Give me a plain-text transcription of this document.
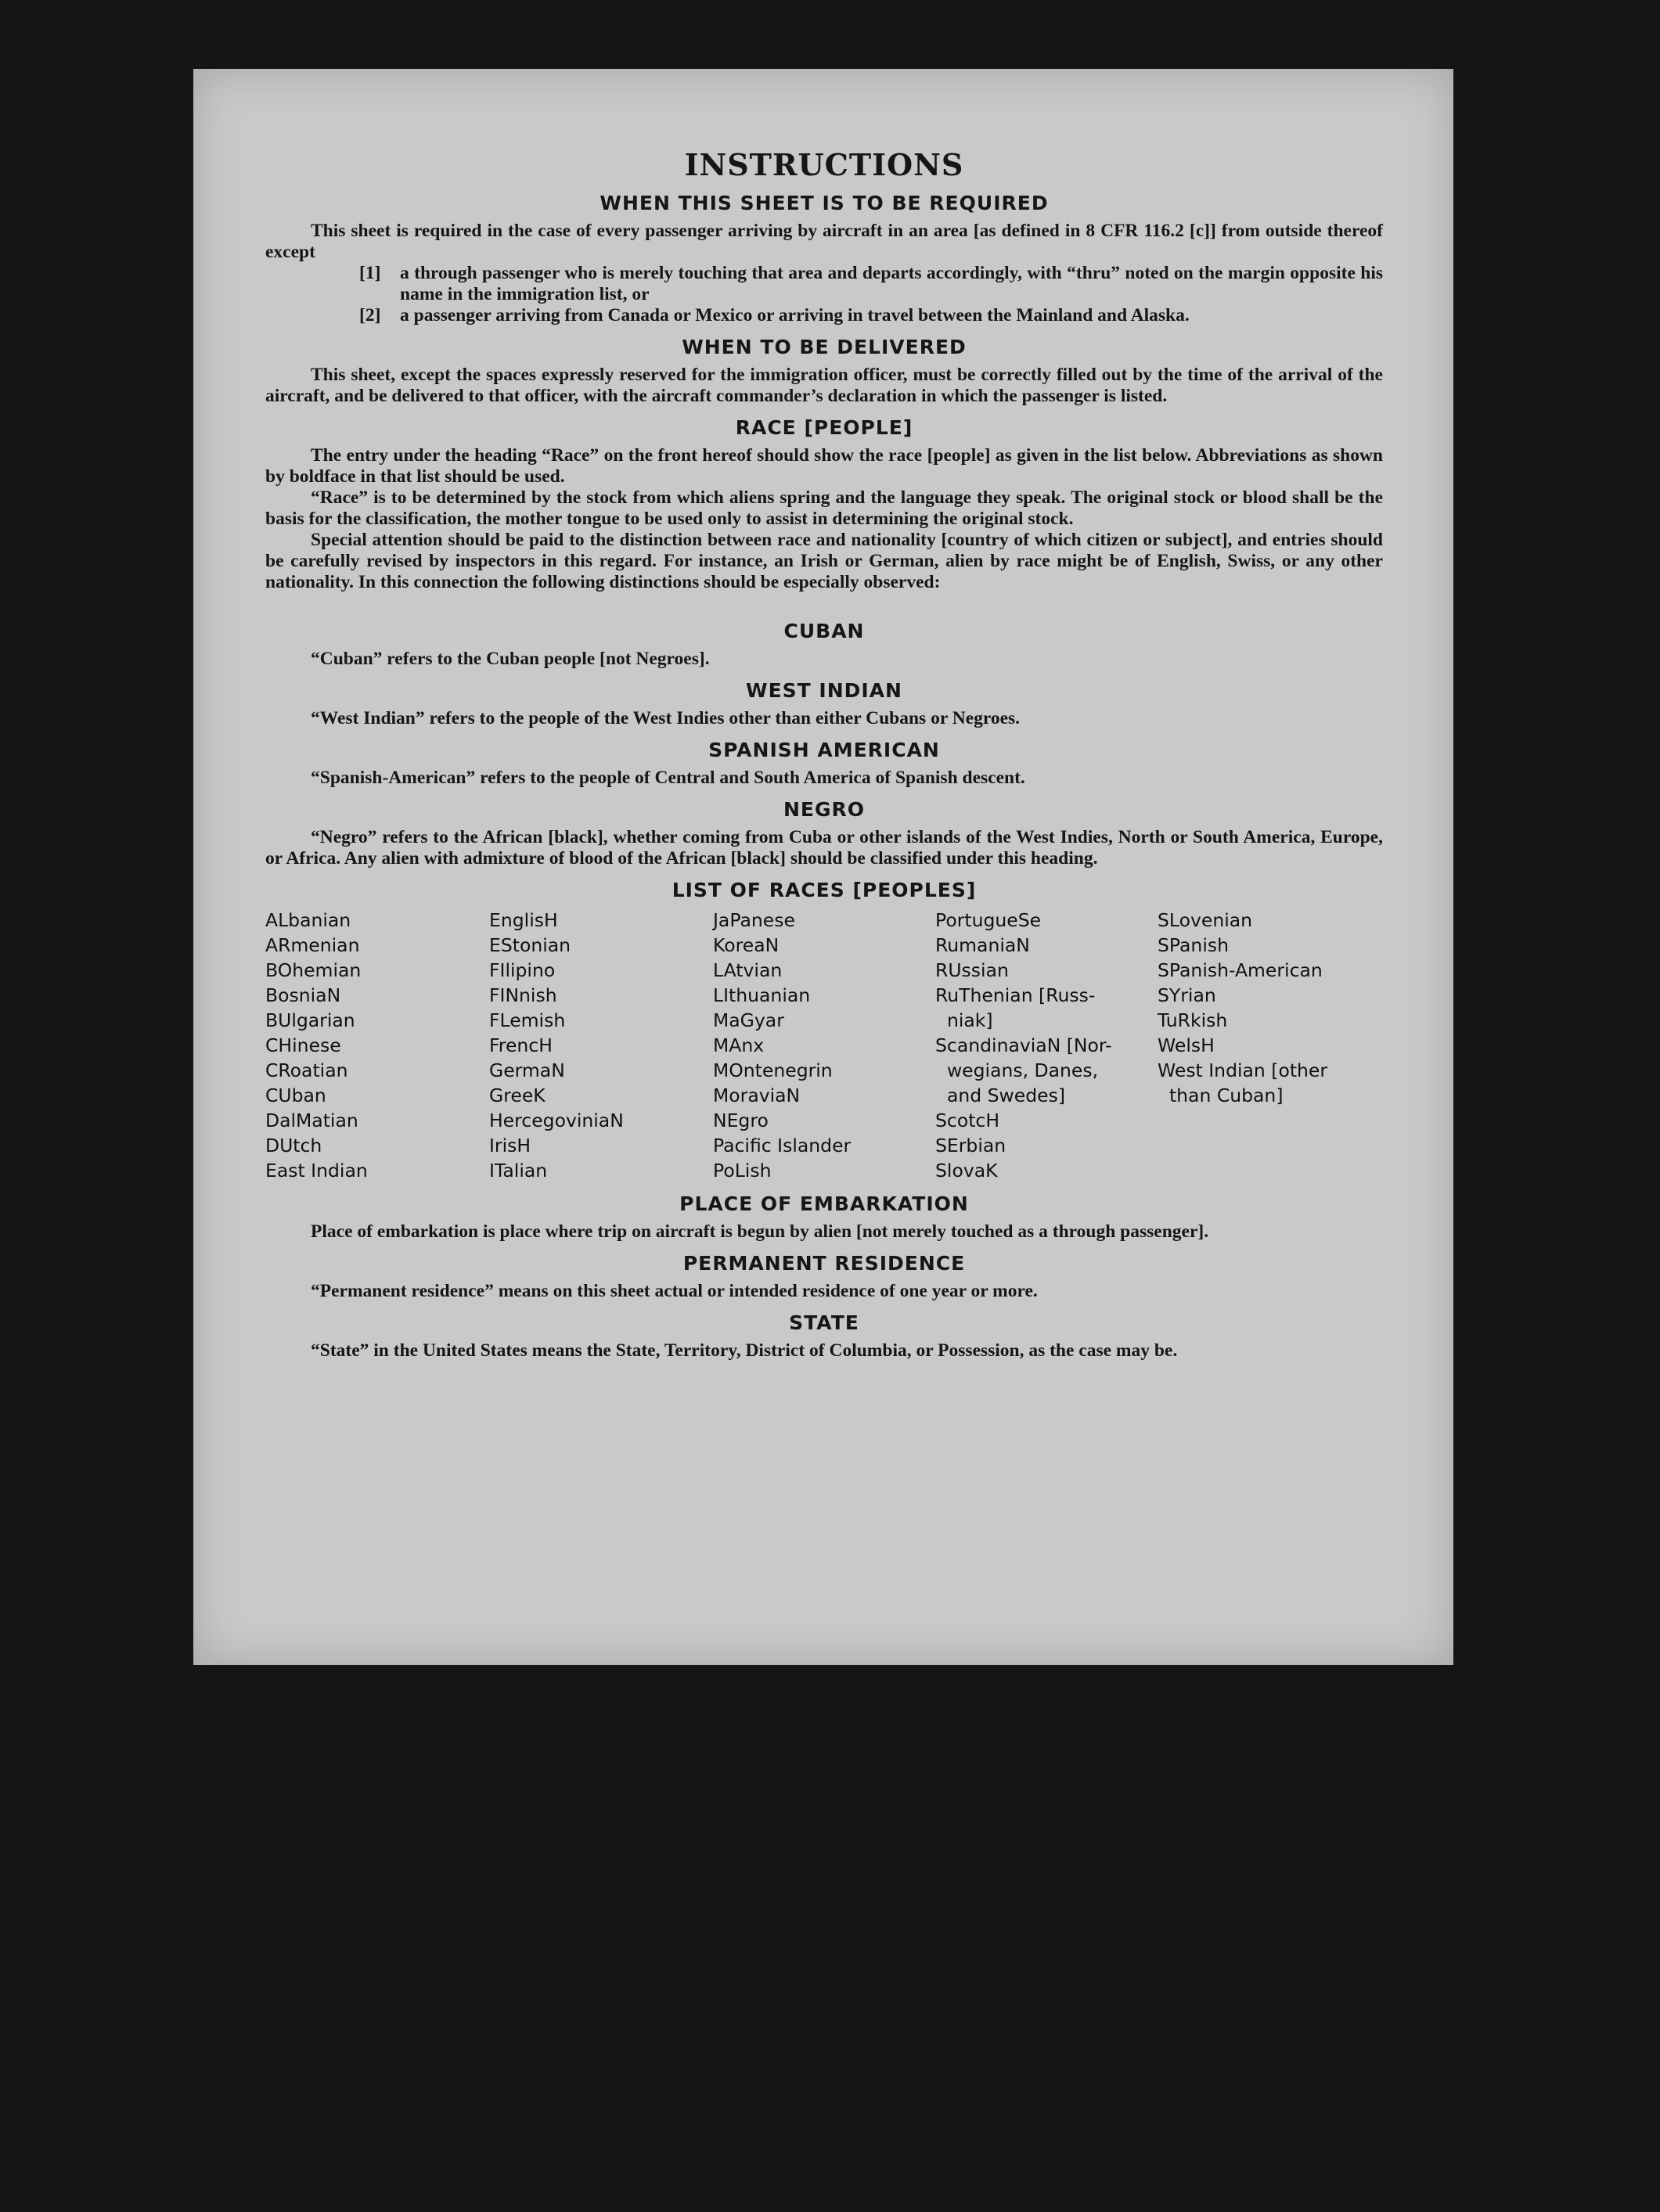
INSTRUCTIONS
WHEN THIS SHEET IS TO BE REQUIRED

This sheet is required in the case of every passenger arriving by aircraft in an area [as defined in 8 CFR 116.2 [c]] from outside thereof except

[1]	a through passenger who is merely touching that area and departs accordingly, with “thru” noted on the margin opposite his name in the immigration list, or
[2]	a passenger arriving from Canada or Mexico or arriving in travel between the Mainland and Alaska.
WHEN TO BE DELIVERED

This sheet, except the spaces expressly reserved for the immigration officer, must be correctly filled out by the time of the arrival of the aircraft, and be delivered to that officer, with the aircraft commander’s declaration in which the passenger is listed.

RACE [PEOPLE]

The entry under the heading “Race” on the front hereof should show the race [people] as given in the list below. Abbreviations as shown by boldface in that list should be used.

“Race” is to be determined by the stock from which aliens spring and the language they speak. The original stock or blood shall be the basis for the classification, the mother tongue to be used only to assist in determining the original stock.

Special attention should be paid to the distinction between race and nationality [country of which citizen or subject], and entries should be carefully revised by inspectors in this regard. For instance, an Irish or German, alien by race might be of English, Swiss, or any other nationality. In this connection the following distinctions should be especially observed:

CUBAN

“Cuban” refers to the Cuban people [not Negroes].

WEST INDIAN

“West Indian” refers to the people of the West Indies other than either Cubans or Negroes.

SPANISH AMERICAN

“Spanish-American” refers to the people of Central and South America of Spanish descent.

NEGRO

“Negro” refers to the African [black], whether coming from Cuba or other islands of the West Indies, North or South America, Europe, or Africa. Any alien with admixture of blood of the African [black] should be classified under this heading.

LIST OF RACES [PEOPLES]
ALbanian
ARmenian
BOhemian
BosniaN
BUlgarian
CHinese
CRoatian
CUban
DalMatian
DUtch
East Indian
EnglisH
EStonian
FIlipino
FINnish
FLemish
FrencH
GermaN
GreeK
HercegoviniaN
IrisH
ITalian
JaPanese
KoreaN
LAtvian
LIthuanian
MaGyar
MAnx
MOntenegrin
MoraviaN
NEgro
Pacific Islander
PoLish
PortugueSe
RumaniaN
RUssian
RuThenian [Russ-
niak]
ScandinaviaN [Nor-
wegians, Danes,
and Swedes]
ScotcH
SErbian
SlovaK
SLovenian
SPanish
SPanish-American
SYrian
TuRkish
WelsH
West Indian [other
than Cuban]
PLACE OF EMBARKATION

Place of embarkation is place where trip on aircraft is begun by alien [not merely touched as a through passenger].

PERMANENT RESIDENCE

“Permanent residence” means on this sheet actual or intended residence of one year or more.

STATE

“State” in the United States means the State, Territory, District of Columbia, or Possession, as the case may be.
